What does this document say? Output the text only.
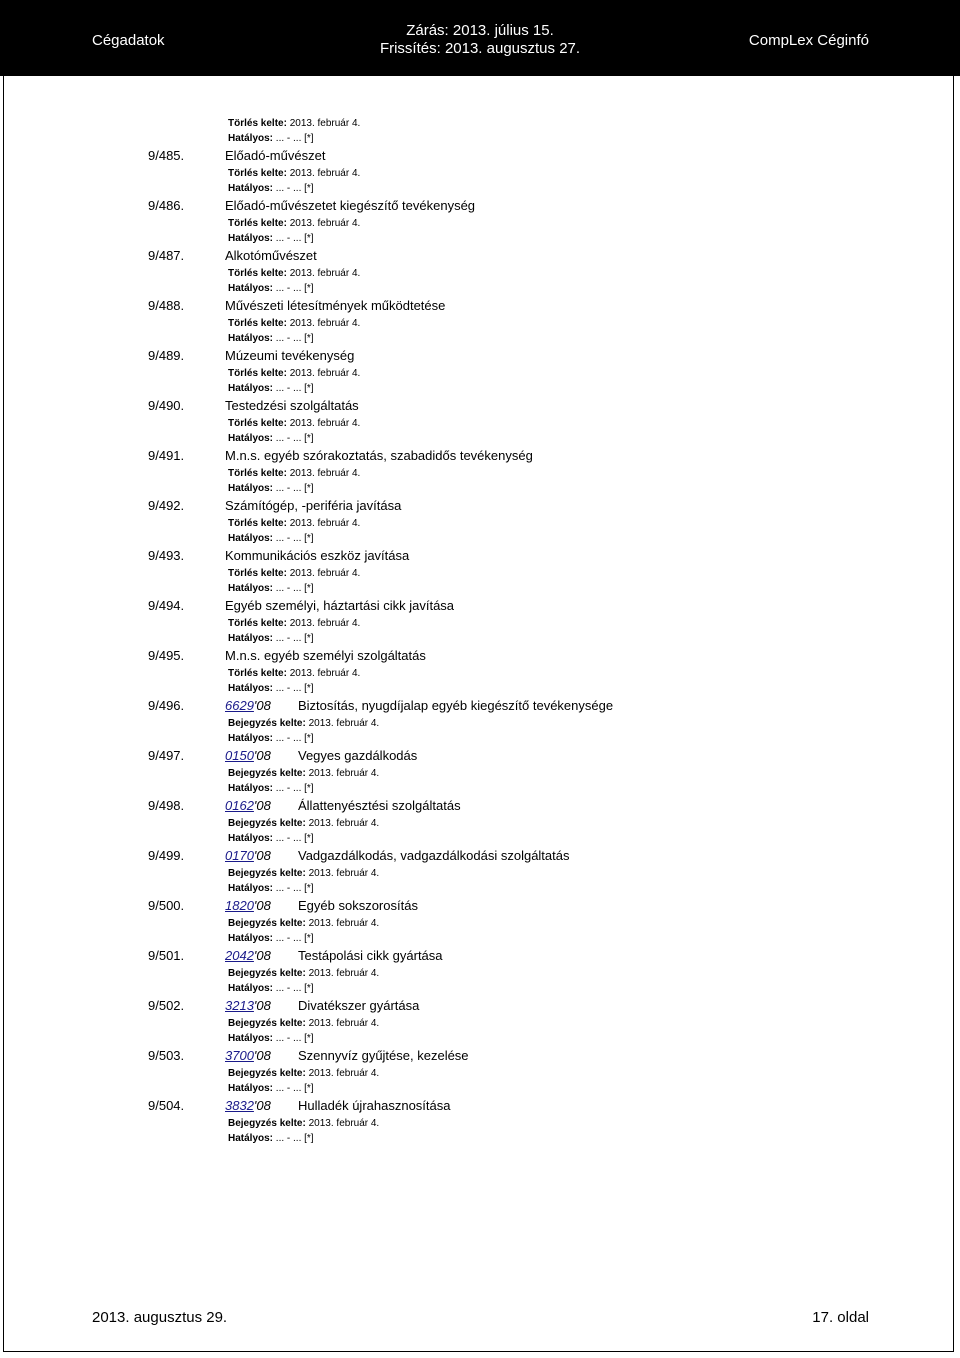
Cégadatok
Zárás: 2013. július 15.
Frissítés: 2013. augusztus 27.	CompLex Céginfó
Törlés kelte: 2013. február 4.
Hatályos: ... - ... [*]
9/485.	Előadó-művészet
Törlés kelte: 2013. február 4.
Hatályos: ... - ... [*]
9/486.	Előadó-művészetet kiegészítő tevékenység
Törlés kelte: 2013. február 4.
Hatályos: ... - ... [*]
9/487.	Alkotóművészet
Törlés kelte: 2013. február 4.
Hatályos: ... - ... [*]
9/488.	Művészeti létesítmények működtetése
Törlés kelte: 2013. február 4.
Hatályos: ... - ... [*]
9/489.	Múzeumi tevékenység
Törlés kelte: 2013. február 4.
Hatályos: ... - ... [*]
9/490.	Testedzési szolgáltatás
Törlés kelte: 2013. február 4.
Hatályos: ... - ... [*]
9/491.	M.n.s. egyéb szórakoztatás, szabadidős tevékenység
Törlés kelte: 2013. február 4.
Hatályos: ... - ... [*]
9/492.	Számítógép, -periféria javítása
Törlés kelte: 2013. február 4.
Hatályos: ... - ... [*]
9/493.	Kommunikációs eszköz javítása
Törlés kelte: 2013. február 4.
Hatályos: ... - ... [*]
9/494.	Egyéb személyi, háztartási cikk javítása
Törlés kelte: 2013. február 4.
Hatályos: ... - ... [*]
9/495.	M.n.s. egyéb személyi szolgáltatás
Törlés kelte: 2013. február 4.
Hatályos: ... - ... [*]
9/496.	6629'08 Biztosítás, nyugdíjalap egyéb kiegészítő tevékenysége
Bejegyzés kelte: 2013. február 4.
Hatályos: ... - ... [*]
9/497.	0150'08 Vegyes gazdálkodás
Bejegyzés kelte: 2013. február 4.
Hatályos: ... - ... [*]
9/498.	0162'08 Állattenyésztési szolgáltatás
Bejegyzés kelte: 2013. február 4.
Hatályos: ... - ... [*]
9/499.	0170'08 Vadgazdálkodás, vadgazdálkodási szolgáltatás
Bejegyzés kelte: 2013. február 4.
Hatályos: ... - ... [*]
9/500.	1820'08 Egyéb sokszorosítás
Bejegyzés kelte: 2013. február 4.
Hatályos: ... - ... [*]
9/501.	2042'08 Testápolási cikk gyártása
Bejegyzés kelte: 2013. február 4.
Hatályos: ... - ... [*]
9/502.	3213'08 Divatékszer gyártása
Bejegyzés kelte: 2013. február 4.
Hatályos: ... - ... [*]
9/503.	3700'08 Szennyvíz gyűjtése, kezelése
Bejegyzés kelte: 2013. február 4.
Hatályos: ... - ... [*]
9/504.	3832'08 Hulladék újrahasznosítása
Bejegyzés kelte: 2013. február 4.
Hatályos: ... - ... [*]
2013. augusztus 29.	17. oldal
